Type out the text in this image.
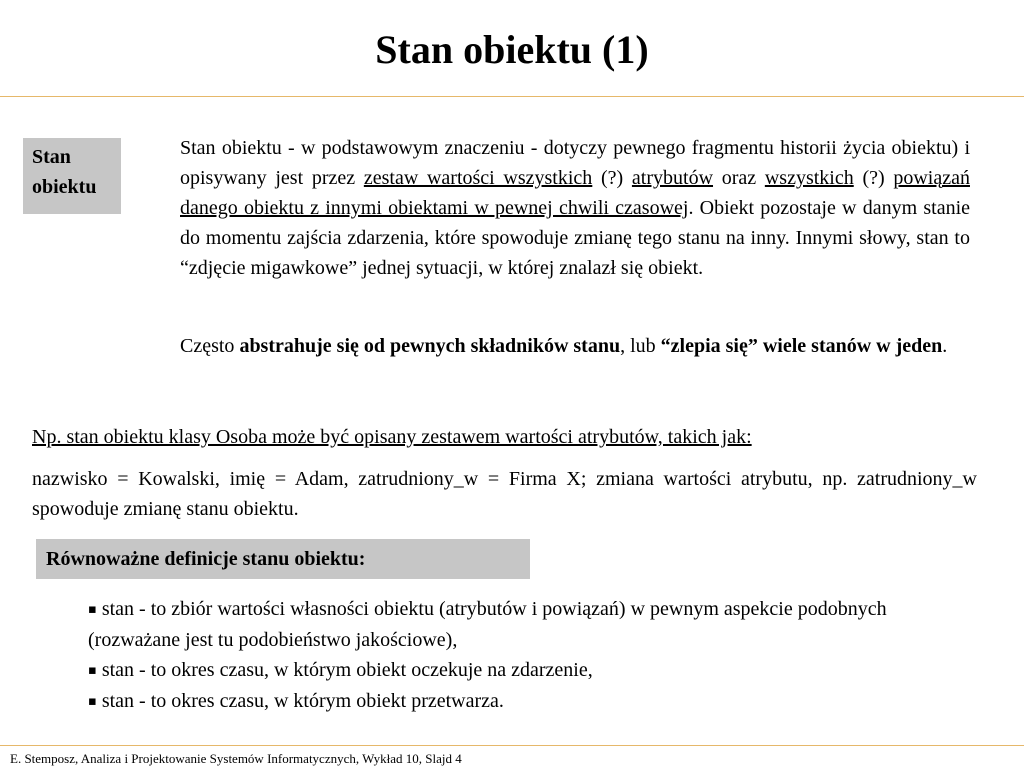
Stan obiektu (1)
Stan
obiektu
Stan obiektu - w podstawowym znaczeniu - dotyczy pewnego fragmentu historii życia obiektu) i opisywany jest przez zestaw wartości wszystkich (?) atrybutów oraz wszystkich (?) powiązań danego obiektu z innymi obiektami w pewnej chwili czasowej. Obiekt pozostaje w danym stanie do momentu zajścia zdarzenia, które spowoduje zmianę tego stanu na inny. Innymi słowy, stan to “zdjęcie migawkowe” jednej sytuacji, w której znalazł się obiekt.
Często abstrahuje się od pewnych składników stanu, lub “zlepia się” wiele stanów w jeden.
Np. stan obiektu klasy Osoba może być opisany zestawem wartości atrybutów, takich jak:
nazwisko = Kowalski, imię = Adam, zatrudniony_w = Firma X; zmiana wartości atrybutu, np. zatrudniony_w spowoduje zmianę stanu obiektu.
Równoważne definicje stanu obiektu:
▪ stan - to zbiór wartości własności obiektu (atrybutów i powiązań) w pewnym aspekcie podobnych (rozważane jest tu podobieństwo jakościowe),
▪ stan - to okres czasu, w którym obiekt oczekuje na zdarzenie,
▪ stan - to okres czasu, w którym obiekt przetwarza.
E. Stemposz, Analiza i Projektowanie Systemów Informatycznych, Wykład 10, Slajd 4
